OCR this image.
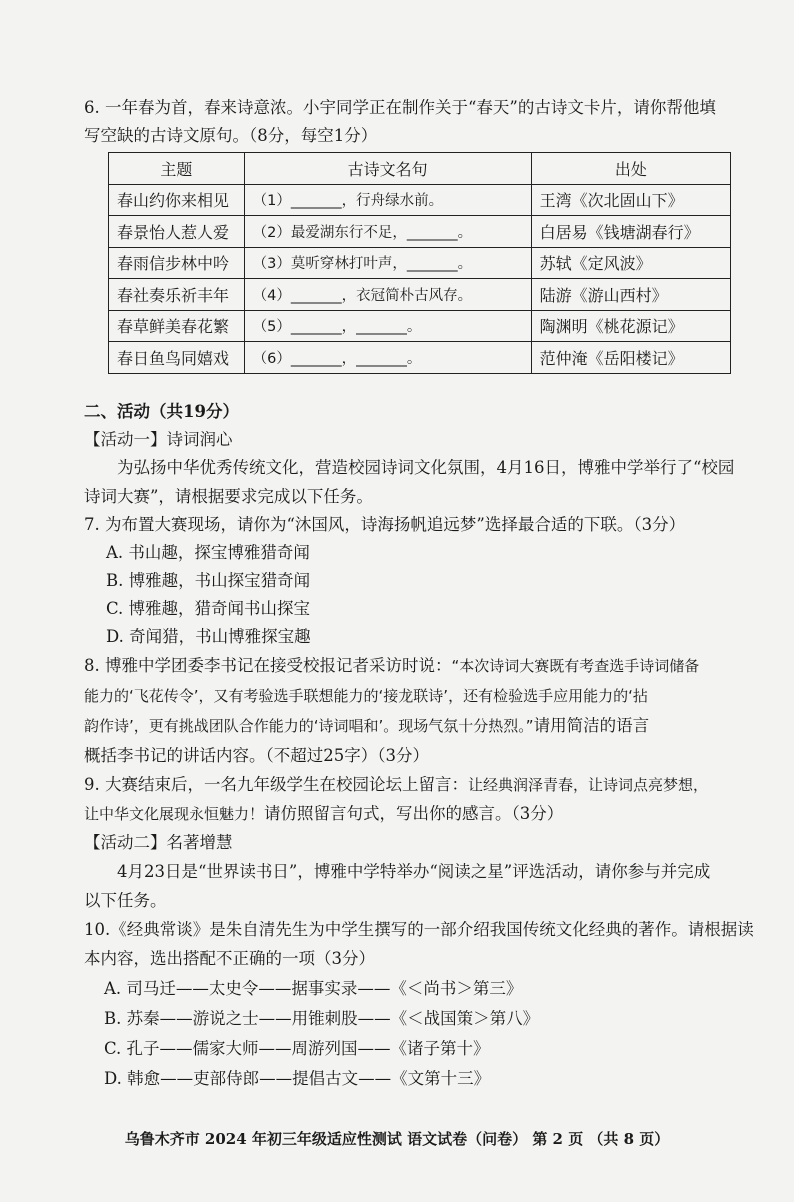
6. 一年春为首，春来诗意浓。小宇同学正在制作关于“春天”的古诗文卡片，请你帮他填

写空缺的古诗文原句。（8分，每空1分）

主题	古诗文名句	出处
春山约你来相见	（1）_______，行舟绿水前。	王湾《次北固山下》
春景怡人惹人爱	（2）最爱湖东行不足，_______。	白居易《钱塘湖春行》
春雨信步林中吟	（3）莫听穿林打叶声，_______。	苏轼《定风波》
春社奏乐祈丰年	（4）_______，衣冠简朴古风存。	陆游《游山西村》
春草鲜美春花繁	（5）_______，_______。	陶渊明《桃花源记》
春日鱼鸟同嬉戏	（6）_______，_______。	范仲淹《岳阳楼记》

二、活动（共19分）

【活动一】诗词润心

为弘扬中华优秀传统文化，营造校园诗词文化氛围，4月16日，博雅中学举行了“校园

诗词大赛”，请根据要求完成以下任务。

7. 为布置大赛现场，请你为“沐国风，诗海扬帆追远梦”选择最合适的下联。（3分）

A. 书山趣，探宝博雅猎奇闻

B. 博雅趣，书山探宝猎奇闻

C. 博雅趣，猎奇闻书山探宝

D. 奇闻猎，书山博雅探宝趣

8. 博雅中学团委李书记在接受校报记者采访时说：“本次诗词大赛既有考查选手诗词储备

能力的‘飞花传令’，又有考验选手联想能力的‘接龙联诗’，还有检验选手应用能力的‘拈

韵作诗’，更有挑战团队合作能力的‘诗词唱和’。现场气氛十分热烈。”请用简洁的语言

概括李书记的讲话内容。（不超过25字）（3分）

9. 大赛结束后，一名九年级学生在校园论坛上留言：让经典润泽青春，让诗词点亮梦想，

让中华文化展现永恒魅力！请仿照留言句式，写出你的感言。（3分）

【活动二】名著增慧

4月23日是“世界读书日”，博雅中学特举办“阅读之星”评选活动，请你参与并完成

以下任务。

10.《经典常谈》是朱自清先生为中学生撰写的一部介绍我国传统文化经典的著作。请根据读

本内容，选出搭配不正确的一项（3分）

A. 司马迁——太史令——据事实录——《＜尚书＞第三》

B. 苏秦——游说之士——用锥刺股——《＜战国策＞第八》

C. 孔子——儒家大师——周游列国——《诸子第十》

D. 韩愈——吏部侍郎——提倡古文——《文第十三》

乌鲁木齐市 2024 年初三年级适应性测试 语文试卷（问卷） 第 2 页 （共 8 页）
